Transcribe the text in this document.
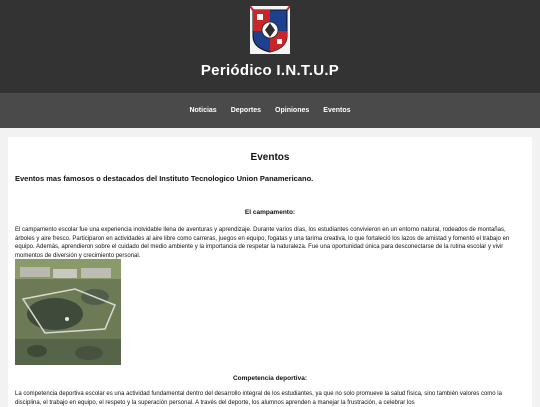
Periódico I.N.T.U.P
Noticias	Deportes	Opiniones	Eventos
Eventos
Eventos mas famosos o destacados del Instituto Tecnologico Union Panamericano.
El campamento:

El campamento escolar fue una experiencia inolvidable llena de aventuras y aprendizaje. Durante varios días, los estudiantes convivieron en un entorno natural, rodeados de montañas, árboles y aire fresco. Participaron en actividades al aire libre como carreras, juegos en equipo, fogatas y una tarima creativa, lo que fortaleció los lazos de amistad y fomentó el trabajo en equipo. Además, aprendieron sobre el cuidado del medio ambiente y la importancia de respetar la naturaleza. Fue una oportunidad única para desconectarse de la rutina escolar y vivir momentos de diversión y crecimiento personal.

Competencia deportiva:

La competencia deportiva escolar es una actividad fundamental dentro del desarrollo integral de los estudiantes, ya que no solo promueve la salud física, sino también valores como la disciplina, el trabajo en equipo, el respeto y la superación personal. A través del deporte, los alumnos aprenden a manejar la frustración, a celebrar los
